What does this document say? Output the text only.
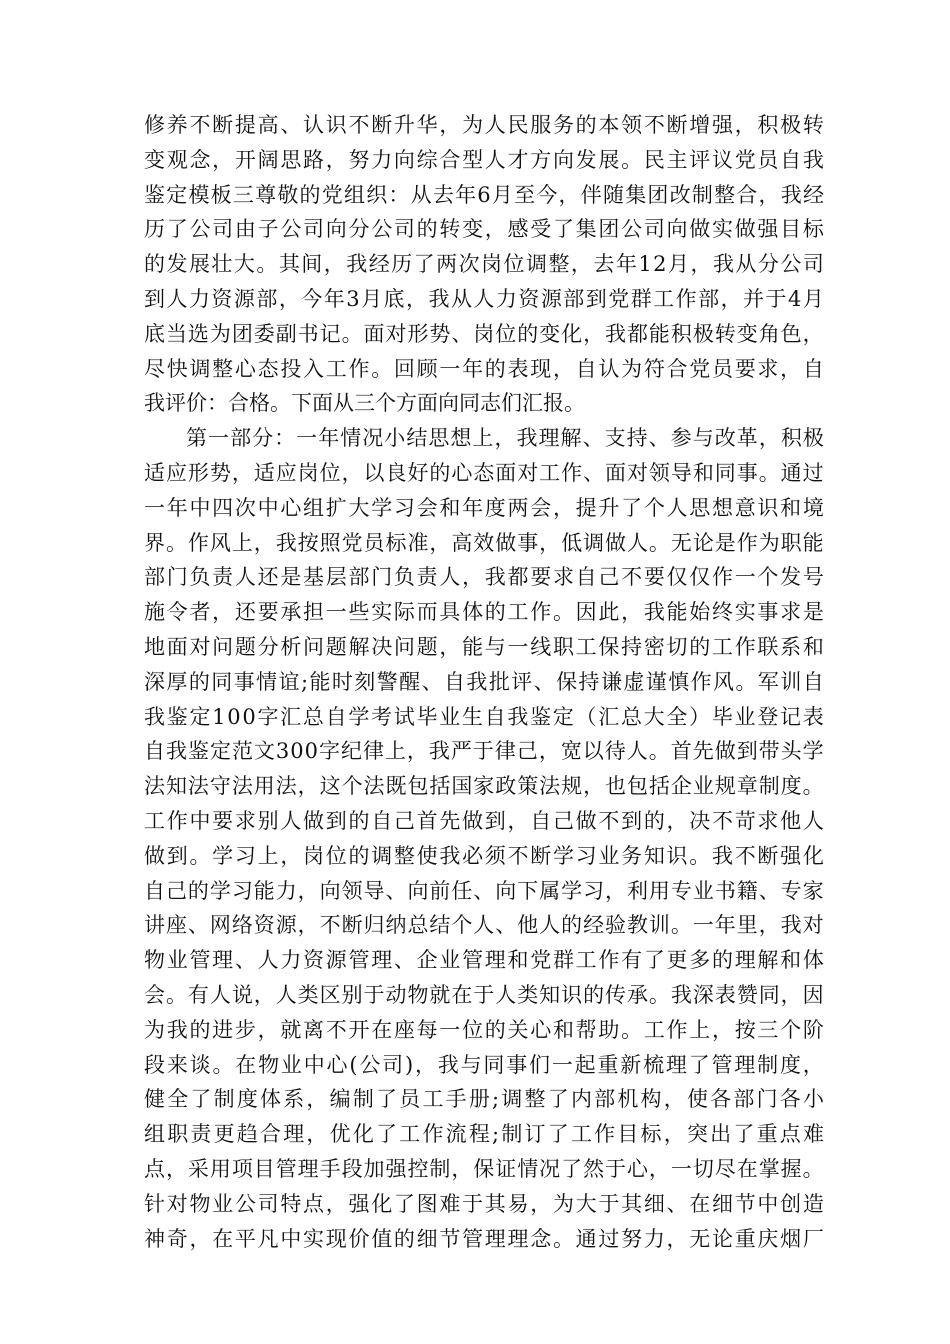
修 养 不 断 提 高 、 认 识 不 断 升 华 ， 为 人 民 服 务 的 本 领 不 断 增 强 ， 积 极 转
变 观 念 ， 开 阔 思 路 ， 努 力 向 综 合 型 人 才 方 向 发 展 。 民 主 评 议 党 员 自 我
鉴 定 模 板 三 尊 敬 的 党 组 织 ： 从 去 年 6 月 至 今 ， 伴 随 集 团 改 制 整 合 ， 我 经
历 了 公 司 由 子 公 司 向 分 公 司 的 转 变 ， 感 受 了 集 团 公 司 向 做 实 做 强 目 标
的 发 展 壮 大 。 其 间 ， 我 经 历 了 两 次 岗 位 调 整 ， 去 年 1 2 月 ， 我 从 分 公 司
到 人 力 资 源 部 ， 今 年 3 月 底 ， 我 从 人 力 资 源 部 到 党 群 工 作 部 ， 并 于 4 月
底 当 选 为 团 委 副 书 记 。 面 对 形 势 、 岗 位 的 变 化 ， 我 都 能 积 极 转 变 角 色 ，
尽 快 调 整 心 态 投 入 工 作 。 回 顾 一 年 的 表 现 ， 自 认 为 符 合 党 员 要 求 ， 自
我评价：合格。下面从三个方面向同志们汇报。
第 一 部 分 ： 一 年 情 况 小 结 思 想 上 ， 我 理 解 、 支 持 、 参 与 改 革 ， 积 极
适 应 形 势 ， 适 应 岗 位 ， 以 良 好 的 心 态 面 对 工 作 、 面 对 领 导 和 同 事 。 通 过
一 年 中 四 次 中 心 组 扩 大 学 习 会 和 年 度 两 会 ， 提 升 了 个 人 思 想 意 识 和 境
界 。 作 风 上 ， 我 按 照 党 员 标 准 ， 高 效 做 事 ， 低 调 做 人 。 无 论 是 作 为 职 能
部 门 负 责 人 还 是 基 层 部 门 负 责 人 ， 我 都 要 求 自 己 不 要 仅 仅 作 一 个 发 号
施 令 者 ， 还 要 承 担 一 些 实 际 而 具 体 的 工 作 。 因 此 ， 我 能 始 终 实 事 求 是
地 面 对 问 题 分 析 问 题 解 决 问 题 ， 能 与 一 线 职 工 保 持 密 切 的 工 作 联 系 和
深 厚 的 同 事 情 谊 ; 能 时 刻 警 醒 、 自 我 批 评 、 保 持 谦 虚 谨 慎 作 风 。 军 训 自
我 鉴 定 1 0 0 字 汇 总 自 学 考 试 毕 业 生 自 我 鉴 定 （ 汇 总 大 全 ） 毕 业 登 记 表
自 我 鉴 定 范 文 3 0 0 字 纪 律 上 ， 我 严 于 律 己 ， 宽 以 待 人 。 首 先 做 到 带 头 学
法 知 法 守 法 用 法 ， 这 个 法 既 包 括 国 家 政 策 法 规 ， 也 包 括 企 业 规 章 制 度 。
工 作 中 要 求 别 人 做 到 的 自 己 首 先 做 到 ， 自 己 做 不 到 的 ， 决 不 苛 求 他 人
做 到 。 学 习 上 ， 岗 位 的 调 整 使 我 必 须 不 断 学 习 业 务 知 识 。 我 不 断 强 化
自 己 的 学 习 能 力 ， 向 领 导 、 向 前 任 、 向 下 属 学 习 ， 利 用 专 业 书 籍 、 专 家
讲 座 、 网 络 资 源 ， 不 断 归 纳 总 结 个 人 、 他 人 的 经 验 教 训 。 一 年 里 ， 我 对
物 业 管 理 、 人 力 资 源 管 理 、 企 业 管 理 和 党 群 工 作 有 了 更 多 的 理 解 和 体
会 。 有 人 说 ， 人 类 区 别 于 动 物 就 在 于 人 类 知 识 的 传 承 。 我 深 表 赞 同 ， 因
为 我 的 进 步 ， 就 离 不 开 在 座 每 一 位 的 关 心 和 帮 助 。 工 作 上 ， 按 三 个 阶
段 来 谈 。 在 物 业 中 心 ( 公 司 ) ， 我 与 同 事 们 一 起 重 新 梳 理 了 管 理 制 度 ，
健 全 了 制 度 体 系 ， 编 制 了 员 工 手 册 ; 调 整 了 内 部 机 构 ， 使 各 部 门 各 小
组 职 责 更 趋 合 理 ， 优 化 了 工 作 流 程 ; 制 订 了 工 作 目 标 ， 突 出 了 重 点 难
点 ， 采 用 项 目 管 理 手 段 加 强 控 制 ， 保 证 情 况 了 然 于 心 ， 一 切 尽 在 掌 握 。
针 对 物 业 公 司 特 点 ， 强 化 了 图 难 于 其 易 ， 为 大 于 其 细 、 在 细 节 中 创 造
神 奇 ， 在 平 凡 中 实 现 价 值 的 细 节 管 理 理 念 。 通 过 努 力 ， 无 论 重 庆 烟 厂
